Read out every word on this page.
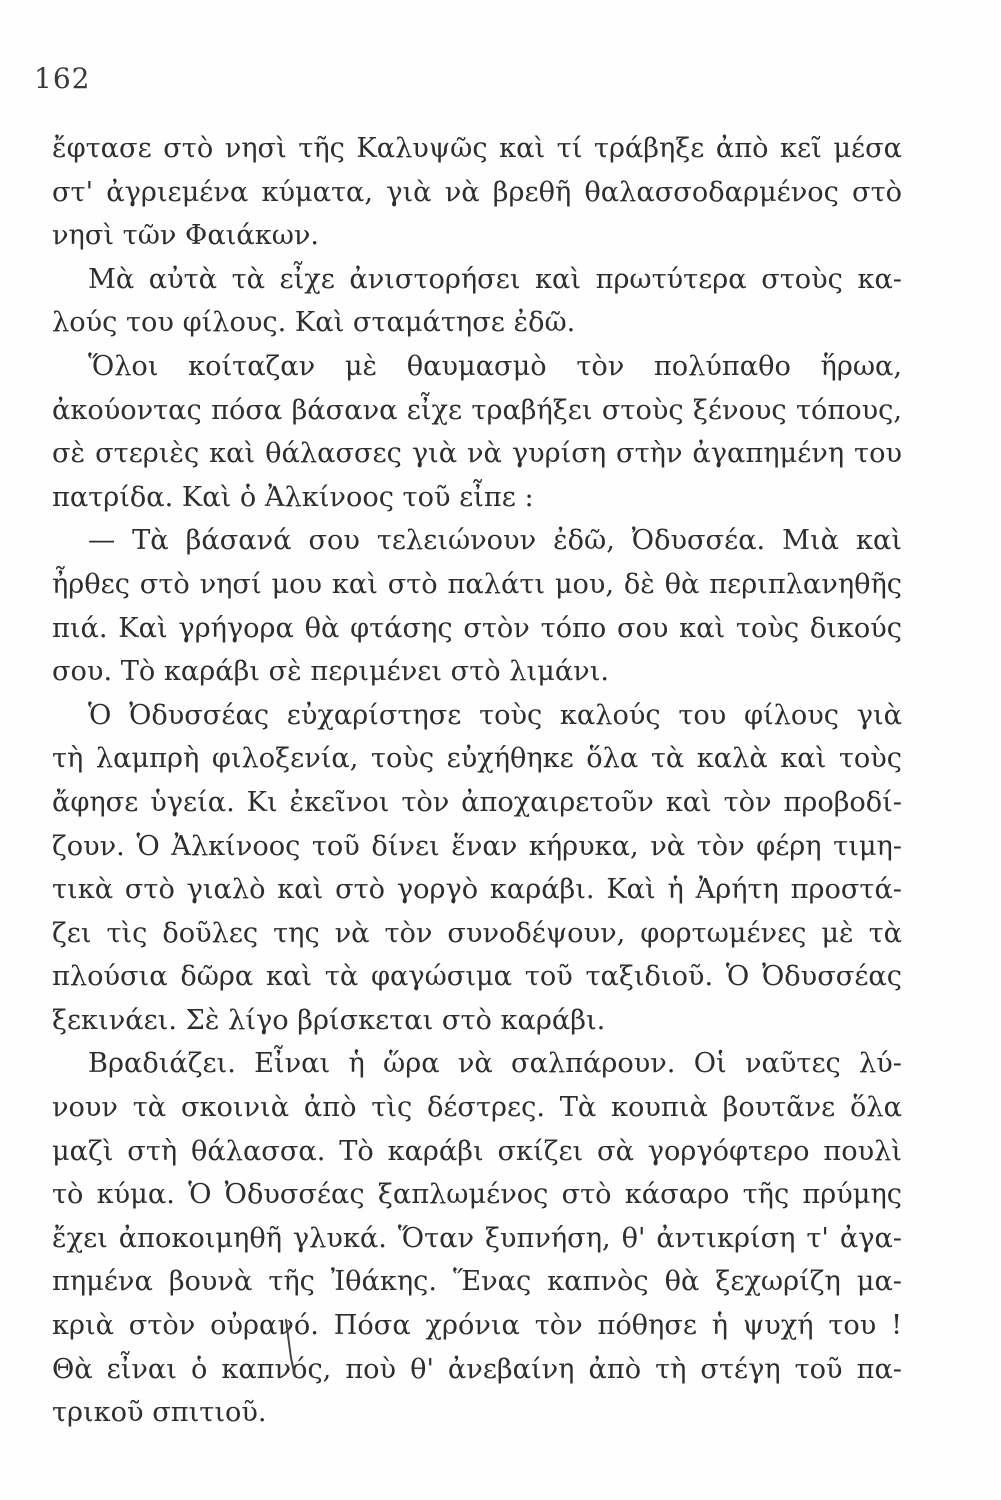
162
ἔφτασε στὸ νησὶ τῆς Καλυψῶς καὶ τί τράβηξε ἀπὸ κεῖ μέσα
στ' ἀγριεμένα κύματα, γιὰ νὰ βρεθῆ θαλασσοδαρμένος στὸ
νησὶ τῶν Φαιάκων.
Μὰ αὐτὰ τὰ εἶχε ἀνιστορήσει καὶ πρωτύτερα στοὺς κα-
λούς του φίλους. Καὶ σταμάτησε ἐδῶ.
Ὅλοι κοίταζαν μὲ θαυμασμὸ τὸν πολύπαθο ἥρωα,
ἀκούοντας πόσα βάσανα εἶχε τραβήξει στοὺς ξένους τόπους,
σὲ στεριὲς καὶ θάλασσες γιὰ νὰ γυρίση στὴν ἀγαπημένη του
πατρίδα. Καὶ ὁ Ἀλκίνοος τοῦ εἶπε :
— Τὰ βάσανά σου τελειώνουν ἐδῶ, Ὀδυσσέα. Μιὰ καὶ
ἦρθες στὸ νησί μου καὶ στὸ παλάτι μου, δὲ θὰ περιπλανηθῆς
πιά. Καὶ γρήγορα θὰ φτάσης στὸν τόπο σου καὶ τοὺς δικούς
σου. Τὸ καράβι σὲ περιμένει στὸ λιμάνι.
Ὁ Ὀδυσσέας εὐχαρίστησε τοὺς καλούς του φίλους γιὰ
τὴ λαμπρὴ φιλοξενία, τοὺς εὐχήθηκε ὅλα τὰ καλὰ καὶ τοὺς
ἄφησε ὑγεία. Κι ἐκεῖνοι τὸν ἀποχαιρετοῦν καὶ τὸν προβοδί-
ζουν. Ὁ Ἀλκίνοος τοῦ δίνει ἕναν κήρυκα, νὰ τὸν φέρη τιμη-
τικὰ στὸ γιαλὸ καὶ στὸ γοργὸ καράβι. Καὶ ἡ Ἀρήτη προστά-
ζει τὶς δοῦλες της νὰ τὸν συνοδέψουν, φορτωμένες μὲ τὰ
πλούσια δῶρα καὶ τὰ φαγώσιμα τοῦ ταξιδιοῦ. Ὁ Ὀδυσσέας
ξεκινάει. Σὲ λίγο βρίσκεται στὸ καράβι.
Βραδιάζει. Εἶναι ἡ ὥρα νὰ σαλπάρουν. Οἱ ναῦτες λύ-
νουν τὰ σκοινιὰ ἀπὸ τὶς δέστρες. Τὰ κουπιὰ βουτᾶνε ὅλα
μαζὶ στὴ θάλασσα. Τὸ καράβι σκίζει σὰ γοργόφτερο πουλὶ
τὸ κύμα. Ὁ Ὀδυσσέας ξαπλωμένος στὸ κάσαρο τῆς πρύμης
ἔχει ἀποκοιμηθῆ γλυκά. Ὅταν ξυπνήση, θ' ἀντικρίση τ' ἀγα-
πημένα βουνὰ τῆς Ἰθάκης. Ἕνας καπνὸς θὰ ξεχωρίζη μα-
κριὰ στὸν οὐρανό. Πόσα χρόνια τὸν πόθησε ἡ ψυχή του !
Θὰ εἶναι ὁ καπνός, ποὺ θ' ἀνεβαίνη ἀπὸ τὴ στέγη τοῦ πα-
τρικοῦ σπιτιοῦ.
